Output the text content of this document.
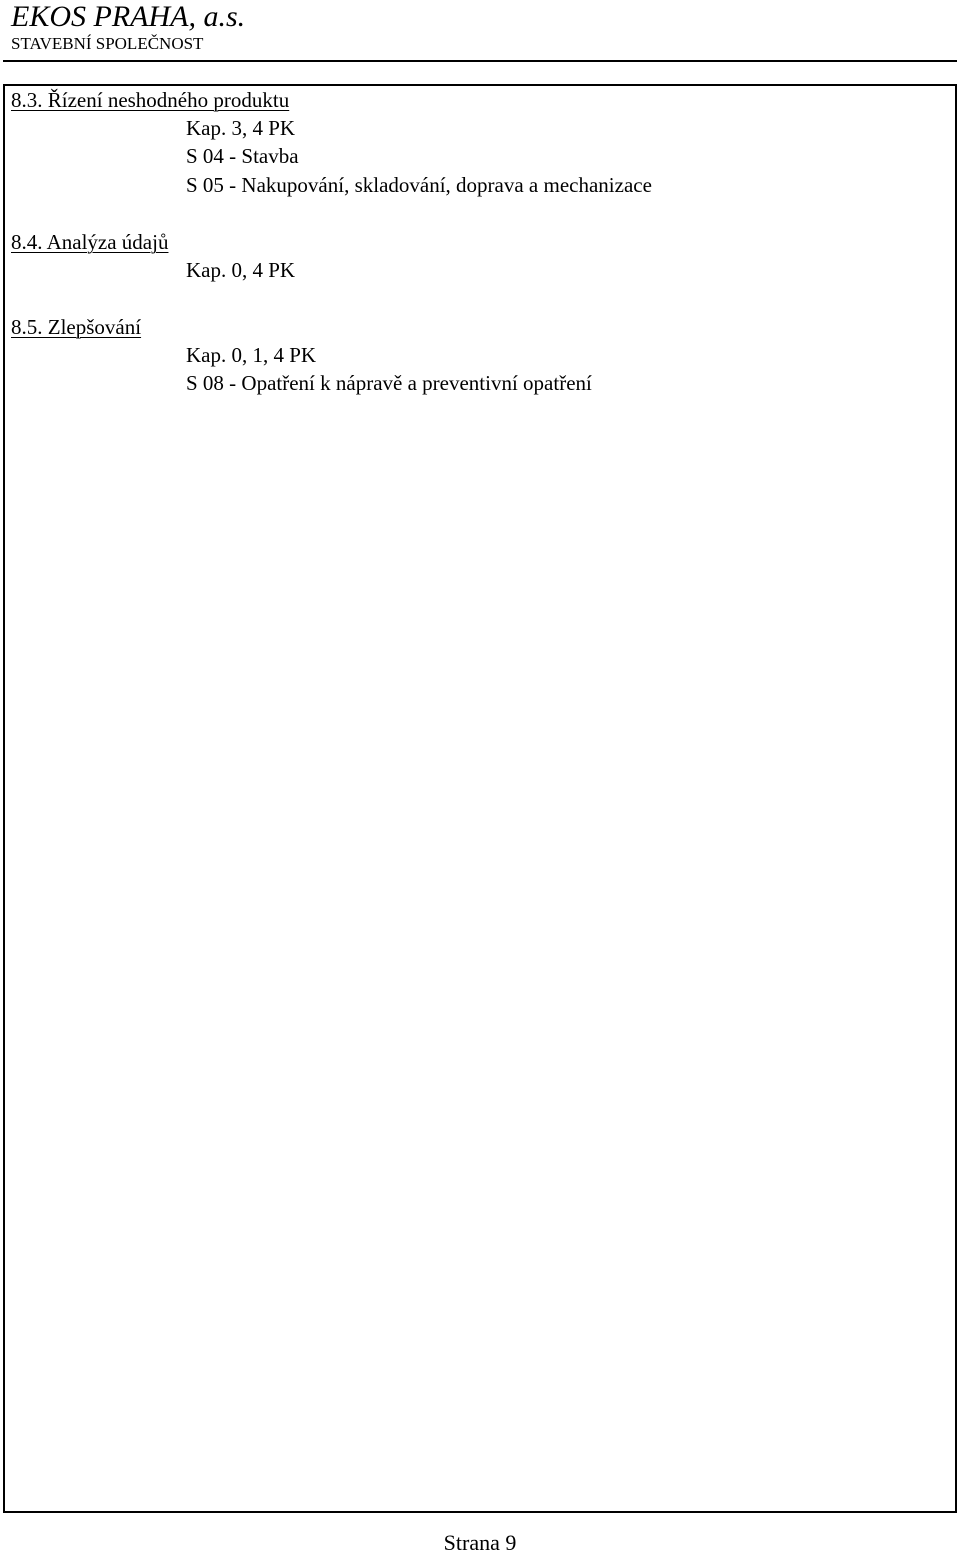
EKOS PRAHA, a.s.
STAVEBNÍ SPOLEČNOST
8.3. Řízení neshodného produktu
Kap. 3, 4 PK
S 04 - Stavba
S 05 - Nakupování, skladování, doprava a mechanizace
8.4. Analýza údajů
Kap. 0, 4 PK
8.5. Zlepšování
Kap. 0, 1, 4 PK
S 08 - Opatření k nápravě a preventivní opatření
Strana 9
